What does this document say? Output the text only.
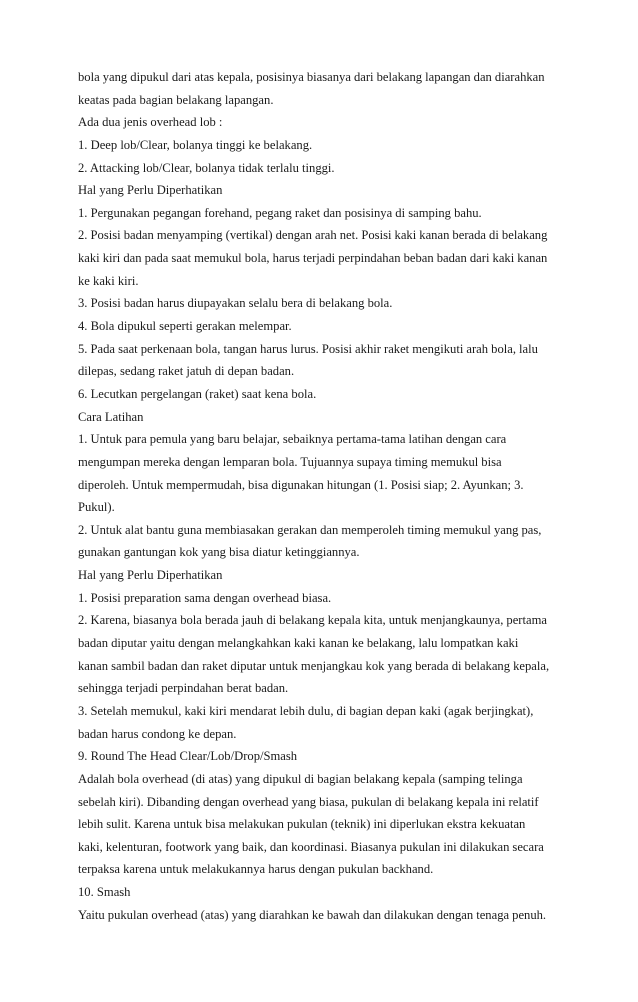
bola yang dipukul dari atas kepala, posisinya biasanya dari belakang lapangan dan diarahkan
keatas pada bagian belakang lapangan.
Ada dua jenis overhead lob :
1. Deep lob/Clear, bolanya tinggi ke belakang.
2. Attacking lob/Clear, bolanya tidak terlalu tinggi.
Hal yang Perlu Diperhatikan
1. Pergunakan pegangan forehand, pegang raket dan posisinya di samping bahu.
2. Posisi badan menyamping (vertikal) dengan arah net. Posisi kaki kanan berada di belakang
kaki kiri dan pada saat memukul bola, harus terjadi perpindahan beban badan dari kaki kanan
ke kaki kiri.
3. Posisi badan harus diupayakan selalu bera di belakang bola.
4. Bola dipukul seperti gerakan melempar.
5. Pada saat perkenaan bola, tangan harus lurus. Posisi akhir raket mengikuti arah bola, lalu
dilepas, sedang raket jatuh di depan badan.
6. Lecutkan pergelangan (raket) saat kena bola.
Cara Latihan
1. Untuk para pemula yang baru belajar, sebaiknya pertama-tama latihan dengan cara
mengumpan mereka dengan lemparan bola. Tujuannya supaya timing memukul bisa
diperoleh. Untuk mempermudah, bisa digunakan hitungan (1. Posisi siap; 2. Ayunkan; 3.
Pukul).
2. Untuk alat bantu guna membiasakan gerakan dan memperoleh timing memukul yang pas,
gunakan gantungan kok yang bisa diatur ketinggiannya.
Hal yang Perlu Diperhatikan
1. Posisi preparation sama dengan overhead biasa.
2. Karena, biasanya bola berada jauh di belakang kepala kita, untuk menjangkaunya, pertama
badan diputar yaitu dengan melangkahkan kaki kanan ke belakang, lalu lompatkan kaki
kanan sambil badan dan raket diputar untuk menjangkau kok yang berada di belakang kepala,
sehingga terjadi perpindahan berat badan.
3. Setelah memukul, kaki kiri mendarat lebih dulu, di bagian depan kaki (agak berjingkat),
badan harus condong ke depan.
9. Round The Head Clear/Lob/Drop/Smash
Adalah bola overhead (di atas) yang dipukul di bagian belakang kepala (samping telinga
sebelah kiri). Dibanding dengan overhead yang biasa, pukulan di belakang kepala ini relatif
lebih sulit. Karena untuk bisa melakukan pukulan (teknik) ini diperlukan ekstra kekuatan
kaki, kelenturan, footwork yang baik, dan koordinasi. Biasanya pukulan ini dilakukan secara
terpaksa karena untuk melakukannya harus dengan pukulan backhand.
10. Smash
Yaitu pukulan overhead (atas) yang diarahkan ke bawah dan dilakukan dengan tenaga penuh.
